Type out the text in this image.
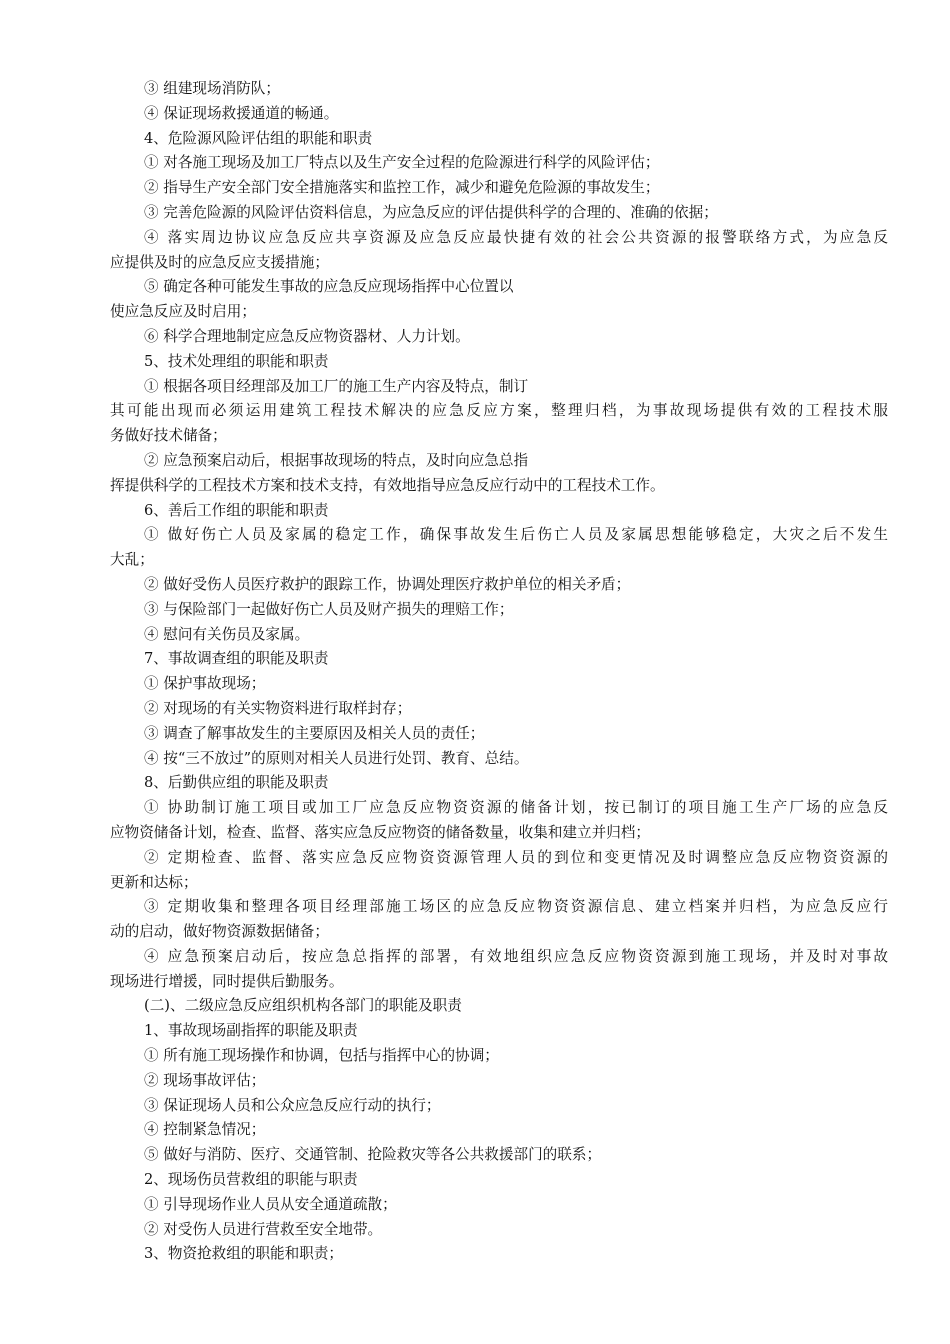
③ 组建现场消防队；
④ 保证现场救援通道的畅通。
4、危险源风险评估组的职能和职责
① 对各施工现场及加工厂特点以及生产安全过程的危险源进行科学的风险评估；
② 指导生产安全部门安全措施落实和监控工作，减少和避免危险源的事故发生；
③ 完善危险源的风险评估资料信息，为应急反应的评估提供科学的合理的、准确的依据；
④ 落实周边协议应急反应共享资源及应急反应最快捷有效的社会公共资源的报警联络方式，为应急反
应提供及时的应急反应支援措施；
⑤ 确定各种可能发生事故的应急反应现场指挥中心位置以
使应急反应及时启用；
⑥ 科学合理地制定应急反应物资器材、人力计划。
5、技术处理组的职能和职责
① 根据各项目经理部及加工厂的施工生产内容及特点，制订
其可能出现而必须运用建筑工程技术解决的应急反应方案，整理归档，为事故现场提供有效的工程技术服
务做好技术储备；
② 应急预案启动后，根据事故现场的特点，及时向应急总指
挥提供科学的工程技术方案和技术支持，有效地指导应急反应行动中的工程技术工作。
6、善后工作组的职能和职责
① 做好伤亡人员及家属的稳定工作，确保事故发生后伤亡人员及家属思想能够稳定，大灾之后不发生
大乱；
② 做好受伤人员医疗救护的跟踪工作，协调处理医疗救护单位的相关矛盾；
③ 与保险部门一起做好伤亡人员及财产损失的理赔工作；
④ 慰问有关伤员及家属。
7、事故调查组的职能及职责
① 保护事故现场；
② 对现场的有关实物资料进行取样封存；
③ 调查了解事故发生的主要原因及相关人员的责任；
④ 按“三不放过”的原则对相关人员进行处罚、教育、总结。
8、后勤供应组的职能及职责
① 协助制订施工项目或加工厂应急反应物资资源的储备计划，按已制订的项目施工生产厂场的应急反
应物资储备计划，检查、监督、落实应急反应物资的储备数量，收集和建立并归档；
② 定期检查、监督、落实应急反应物资资源管理人员的到位和变更情况及时调整应急反应物资资源的
更新和达标；
③ 定期收集和整理各项目经理部施工场区的应急反应物资资源信息、建立档案并归档，为应急反应行
动的启动，做好物资源数据储备；
④ 应急预案启动后，按应急总指挥的部署，有效地组织应急反应物资资源到施工现场，并及时对事故
现场进行增援，同时提供后勤服务。
(二)、二级应急反应组织机构各部门的职能及职责
1、事故现场副指挥的职能及职责
① 所有施工现场操作和协调，包括与指挥中心的协调；
② 现场事故评估；
③ 保证现场人员和公众应急反应行动的执行；
④ 控制紧急情况；
⑤ 做好与消防、医疗、交通管制、抢险救灾等各公共救援部门的联系；
2、现场伤员营救组的职能与职责
① 引导现场作业人员从安全通道疏散；
② 对受伤人员进行营救至安全地带。
3、物资抢救组的职能和职责；
